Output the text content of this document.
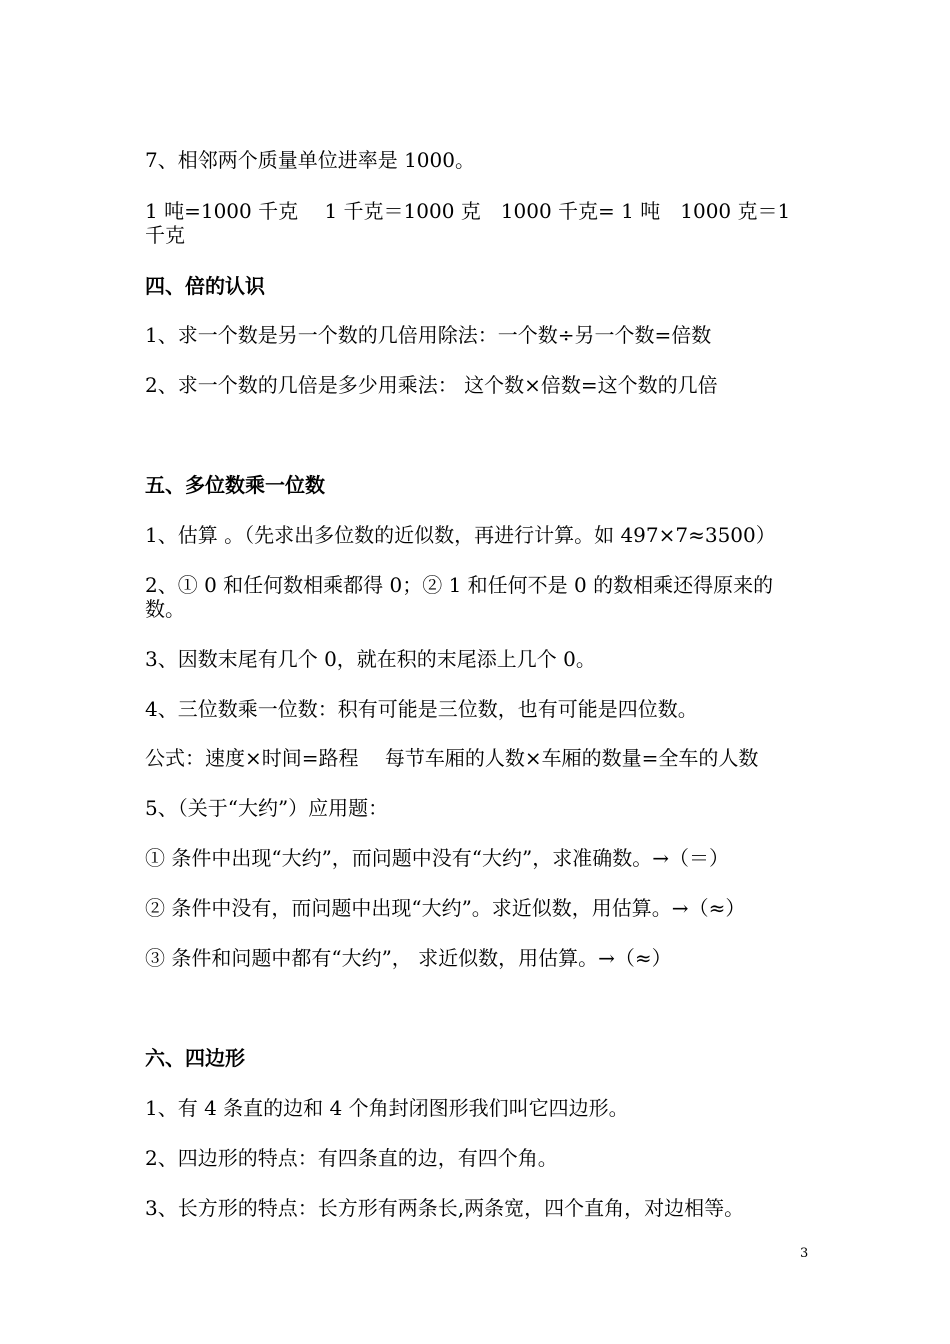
7、相邻两个质量单位进率是 1000。
1 吨=1000 千克　 1 千克＝1000 克　1000 千克= 1 吨　1000 克＝1 千克
四、倍的认识
1、求一个数是另一个数的几倍用除法：一个数÷另一个数=倍数
2、求一个数的几倍是多少用乘法： 这个数×倍数=这个数的几倍
五、多位数乘一位数
1、估算 。（先求出多位数的近似数，再进行计算。如 497×7≈3500）
2、① 0 和任何数相乘都得 0；② 1 和任何不是 0 的数相乘还得原来的数。
3、因数末尾有几个 0，就在积的末尾添上几个 0。
4、三位数乘一位数：积有可能是三位数，也有可能是四位数。
公式：速度×时间=路程　 每节车厢的人数×车厢的数量=全车的人数
5、（关于“大约”）应用题：
① 条件中出现“大约”，而问题中没有“大约”，求准确数。→（＝）
② 条件中没有，而问题中出现“大约”。求近似数，用估算。→（≈）
③ 条件和问题中都有“大约”， 求近似数，用估算。→（≈）
六、四边形
1、有 4 条直的边和 4 个角封闭图形我们叫它四边形。
2、四边形的特点：有四条直的边，有四个角。
3、长方形的特点：长方形有两条长,两条宽，四个直角，对边相等。
3
